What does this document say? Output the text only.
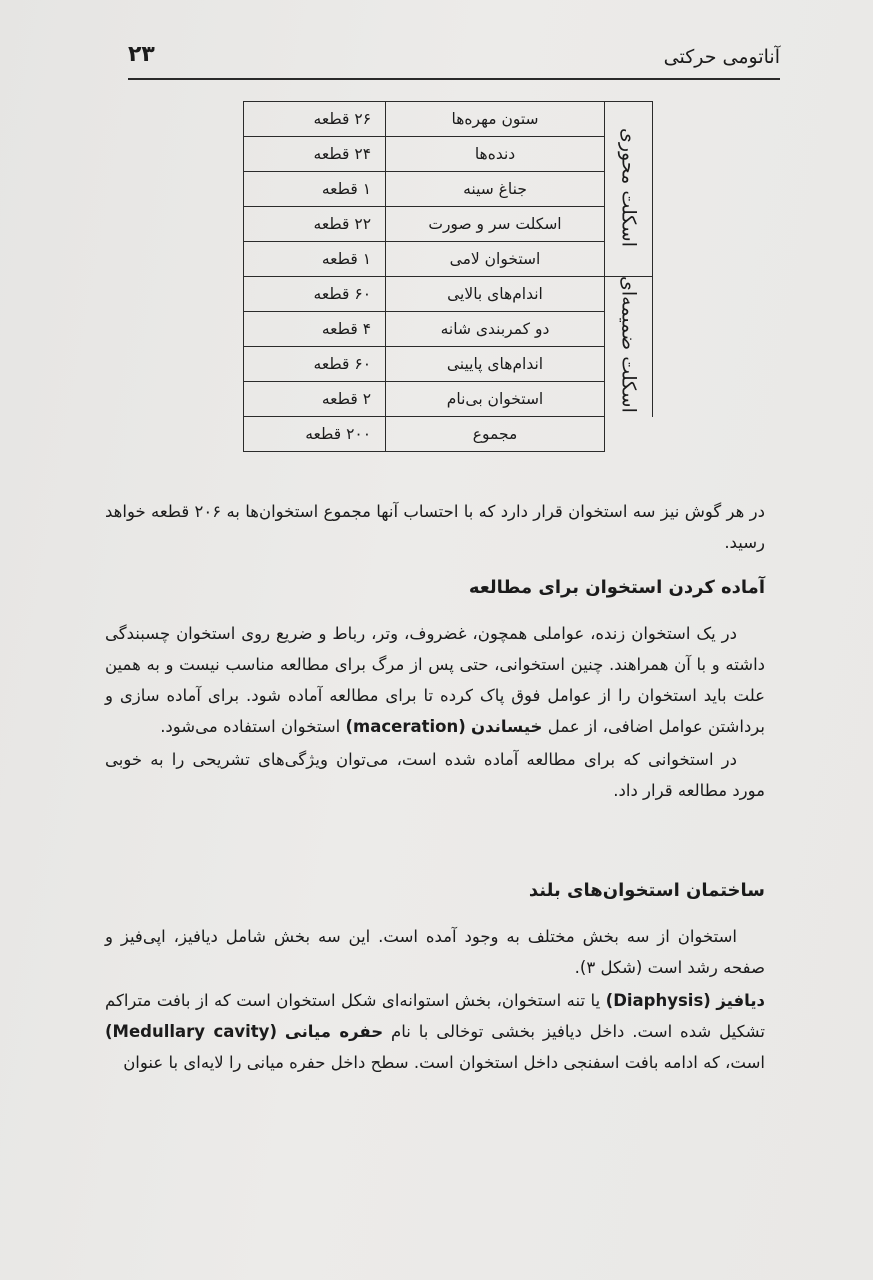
آناتومی حرکتی
۲۳
اسکلت محوری	ستون مهره‌ها	۲۶ قطعه
	دنده‌ها	۲۴ قطعه
	جناغ سینه	۱ قطعه
	اسکلت سر و صورت	۲۲ قطعه
	استخوان لامی	۱ قطعه
اسکلت ضمیمه‌ای	اندام‌های بالایی	۶۰ قطعه
	دو کمربندی شانه	۴ قطعه
	اندام‌های پایینی	۶۰ قطعه
	استخوان بی‌نام	۲ قطعه
	مجموع	۲۰۰ قطعه

در هر گوش نیز سه استخوان قرار دارد که با احتساب آنها مجموع استخوان‌ها به ۲۰۶ قطعه خواهد رسید.

آماده کردن استخوان برای مطالعه

در یک استخوان زنده، عواملی همچون، غضروف، وتر، رباط و ضریع روی استخوان چسبندگی داشته و با آن همراهند. چنین استخوانی، حتی پس از مرگ برای مطالعه مناسب نیست و به همین علت باید استخوان را از عوامل فوق پاک کرده تا برای مطالعه آماده شود. برای آماده سازی و برداشتن عوامل اضافی، از عمل خیساندن (maceration) استخوان استفاده می‌شود.

در استخوانی که برای مطالعه آماده شده است، می‌توان ویژگی‌های تشریحی را به خوبی مورد مطالعه قرار داد.

ساختمان استخوان‌های بلند

استخوان از سه بخش مختلف به وجود آمده است. این سه بخش شامل دیافیز، اپی‌فیز و صفحه رشد است (شکل ۳).

دیافیز (Diaphysis) یا تنه استخوان، بخش استوانه‌ای شکل استخوان است که از بافت متراکم تشکیل شده است. داخل دیافیز بخشی توخالی با نام حفره میانی (Medullary cavity) است، که ادامه بافت اسفنجی داخل استخوان است. سطح داخل حفره میانی را لایه‌ای با عنوان
